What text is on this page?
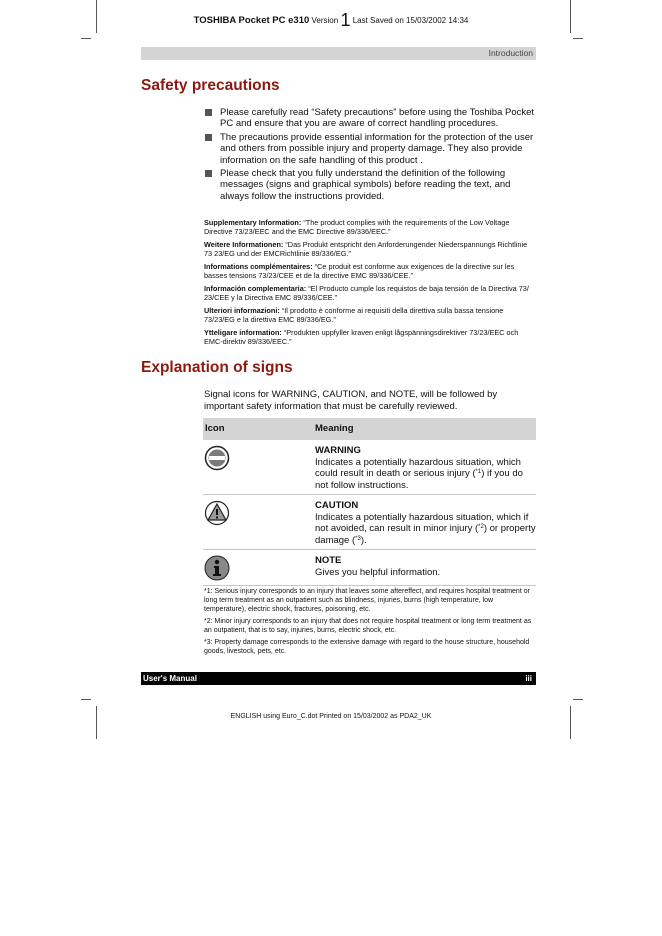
TOSHIBA Pocket PC e310 Version 1 Last Saved on 15/03/2002 14:34
Introduction
Safety precautions
Please carefully read “Safety precautions” before using the Toshiba Pocket PC and ensure that you are aware of correct handling procedures.
The precautions provide essential information for the protection of the user and others from possible injury and property damage. They also provide information on the safe handling of this product .
Please check that you fully understand the definition of the following messages (signs and graphical symbols) before reading the text, and always follow the instructions provided.

Supplementary Information: “The product complies with the requirements of the Low Voltage Directive 73/23/EEC and the EMC Directive 89/336/EEC.”

Weitere Informationen: “Das Produkt entspricht den Anforderungender Niederspannungs Richtlinie 73 23/EG und der EMCRichtlinie 89/336/EG.”

Informations complémentaires: “Ce produit est conforme aux exigences de la directive sur les basses tensions 73/23/CEE et de la directive EMC 89/336/CEE.”

Información complementaria: “El Producto cumple los requistos de baja tensión de la Directiva 73/ 23/CEE y la Directiva EMC 89/336/CEE.”

Ulteriori informazioni: “Il prodotto è conforme ai requisiti della direttiva sulla bassa tensione 73/23/EG e la direttiva EMC 89/336/EG.”

Ytteligare information: “Produkten uppfyller kraven enligt lågspänningsdirektiver 73/23/EEC och EMC-direktiv 89/336/EEC.”

Explanation of signs
Signal icons for WARNING, CAUTION, and NOTE, will be followed by important safety information that must be carefully reviewed.
Icon	Meaning
WARNING
Indicates a potentially hazardous situation, which could result in death or serious injury ($^{*1}$) if you do not follow instructions.
CAUTION
Indicates a potentially hazardous situation, which if not avoided, can result in minor injury ($^{*2}$) or property damage ($^{*3}$).
NOTE
Gives you helpful information.

*1: Serious injury corresponds to an injury that leaves some aftereffect, and requires hospital treatment or long term treatment as an outpatient such as blindness, injuries, burns (high temperature, low temperature), electric shock, fractures, poisoning, etc.

*2: Minor injury corresponds to an injury that does not require hospital treatment or long term treatment as an outpatient, that is to say, injuries, burns, electric shock, etc.

*3: Property damage corresponds to the extensive damage with regard to the house structure, household goods, livestock, pets, etc.

User's Manual	iii
ENGLISH using Euro_C.dot Printed on 15/03/2002 as PDA2_UK
